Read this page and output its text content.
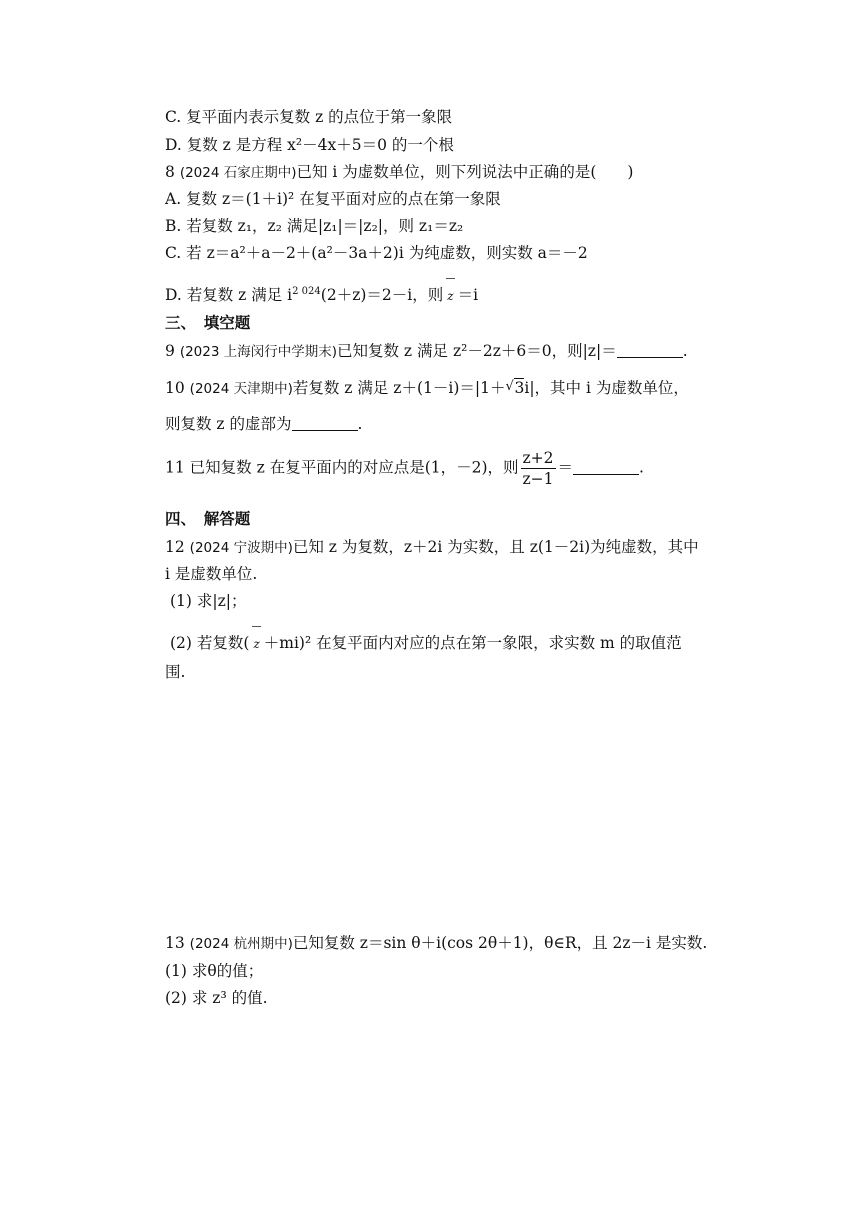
C. 复平面内表示复数 z 的点位于第一象限
D. 复数 z 是方程 x²－4x＋5＝0 的一个根
8 (2024 石家庄期中)已知 i 为虚数单位，则下列说法中正确的是(　　)
A. 复数 z＝(1＋i)² 在复平面对应的点在第一象限
B. 若复数 z₁，z₂ 满足|z₁|＝|z₂|，则 z₁＝z₂
C. 若 z＝a²＋a－2＋(a²－3a＋2)i 为纯虚数，则实数 a＝－2
D. 若复数 z 满足 $i^{2 024}(2+z)=2-i$，则 z ＝i
三、　填空题
9 (2023 上海闵行中学期末)已知复数 z 满足 z²－2z＋6＝0，则|z|＝	.
10 (2024 天津期中)若复数 z 满足 z＋(1－i)＝|1＋√ 3i|，其中 i 为虚数单位，
则复数 z 的虚部为	.
11 已知复数 z 在复平面内的对应点是(1，－2)，则 $\frac{z+2}{z-1}$ ＝	.
四、　解答题
12 (2024 宁波期中)已知 z 为复数，z＋2i 为实数，且 z(1－2i)为纯虚数，其中
i 是虚数单位.
(1) 求|z|；
(2) 若复数( z ＋mi)² 在复平面内对应的点在第一象限，求实数 m 的取值范
围.
13 (2024 杭州期中)已知复数 z＝sin θ＋i(cos 2θ＋1)，θ∈R，且 2z－i 是实数.
(1) 求θ的值；
(2) 求 z³ 的值.
